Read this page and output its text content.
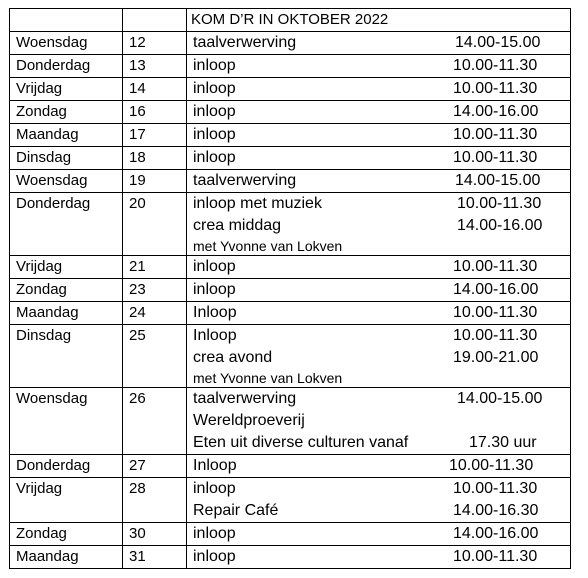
		KOM D’R IN OKTOBER 2022
Woensdag	12	taalverwerving 14.00-15.00

Donderdag	13	inloop 10.00-11.30

Vrijdag	14	inloop 10.00-11.30

Zondag	16	inloop 14.00-16.00

Maandag	17	inloop 10.00-11.30

Dinsdag	18	inloop 10.00-11.30

Woensdag	19	taalverwerving 14.00-15.00

Donderdag	20	inloop met muziek 10.00-11.30
crea middag 14.00-16.00
met Yvonne van Lokven

Vrijdag	21	inloop 10.00-11.30

Zondag	23	inloop 14.00-16.00

Maandag	24	Inloop 10.00-11.30

Dinsdag	25	Inloop 10.00-11.30
crea avond 19.00-21.00
met Yvonne van Lokven

Woensdag	26	taalverwerving 14.00-15.00
Wereldproeverij
Eten uit diverse culturen vanaf 17.30 uur

Donderdag	27	Inloop 10.00-11.30

Vrijdag	28	inloop 10.00-11.30
Repair Café 14.00-16.30

Zondag	30	inloop 14.00-16.00

Maandag	31	inloop 10.00-11.30
